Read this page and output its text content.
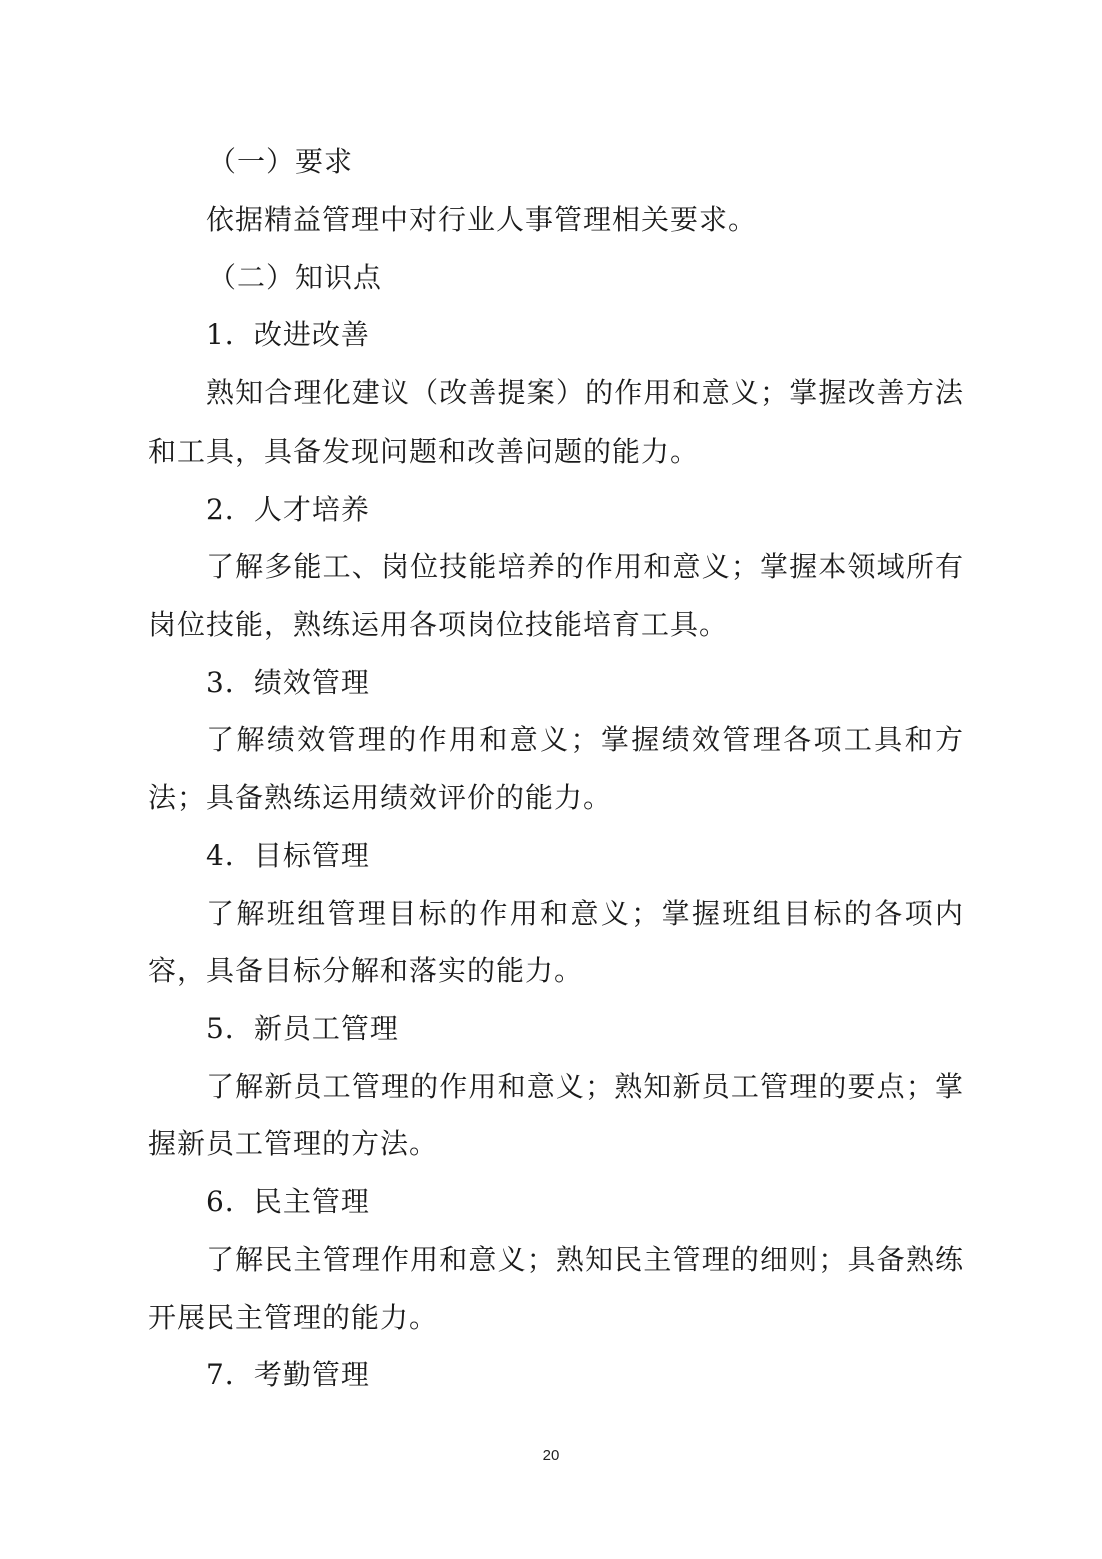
（一）要求
依据精益管理中对行业人事管理相关要求。
（二）知识点
1．改进改善
熟知合理化建议（改善提案）的作用和意义；掌握改善方法
和工具，具备发现问题和改善问题的能力。
2．人才培养
了解多能工、岗位技能培养的作用和意义；掌握本领域所有
岗位技能，熟练运用各项岗位技能培育工具。
3．绩效管理
了解绩效管理的作用和意义；掌握绩效管理各项工具和方
法；具备熟练运用绩效评价的能力。
4．目标管理
了解班组管理目标的作用和意义；掌握班组目标的各项内
容，具备目标分解和落实的能力。
5．新员工管理
了解新员工管理的作用和意义；熟知新员工管理的要点；掌
握新员工管理的方法。
6．民主管理
了解民主管理作用和意义；熟知民主管理的细则；具备熟练
开展民主管理的能力。
7．考勤管理
20
